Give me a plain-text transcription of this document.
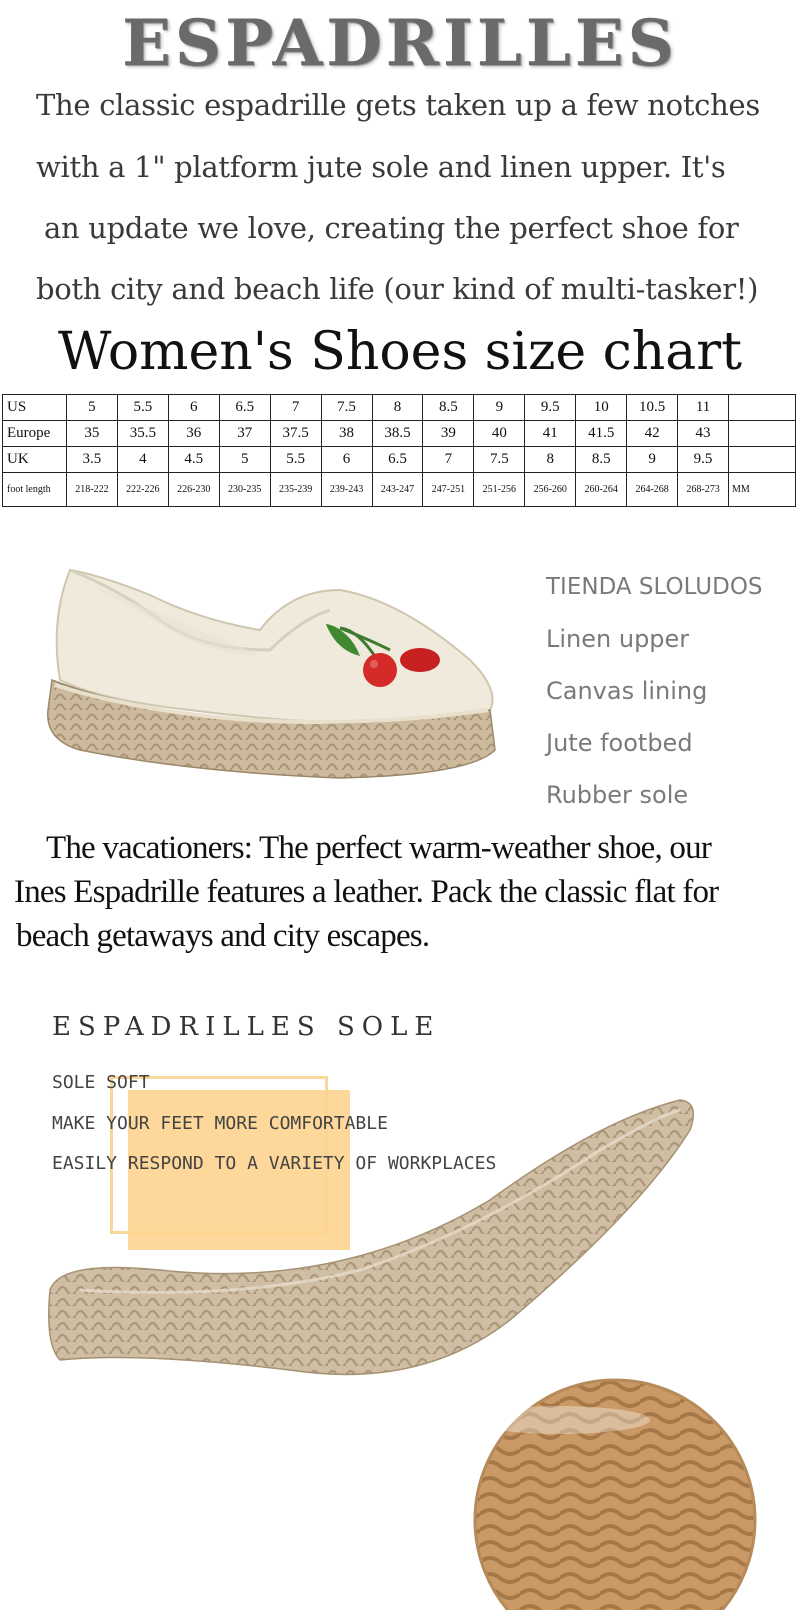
ESPADRILLES
The classic espadrille gets taken up a few notches
with a 1" platform jute sole and linen upper. It's
an update we love, creating the perfect shoe for
both city and beach life (our kind of multi-tasker!)
Women's Shoes size chart
US	5	5.5	6	6.5	7	7.5	8	8.5	9	9.5	10	10.5	11	
Europe	35	35.5	36	37	37.5	38	38.5	39	40	41	41.5	42	43	
UK	3.5	4	4.5	5	5.5	6	6.5	7	7.5	8	8.5	9	9.5	
foot length	218-222	222-226	226-230	230-235	235-239	239-243	243-247	247-251	251-256	256-260	260-264	264-268	268-273	MM
TIENDA SLOLUDOS
Linen upper
Canvas lining
Jute footbed
Rubber sole
The vacationers: The perfect warm-weather shoe, our
Ines Espadrille features a leather. Pack the classic flat for
beach getaways and city escapes.
ESPADRILLES SOLE
SOLE SOFT
MAKE YOUR FEET MORE COMFORTABLE
EASILY RESPOND TO A VARIETY OF WORKPLACES
